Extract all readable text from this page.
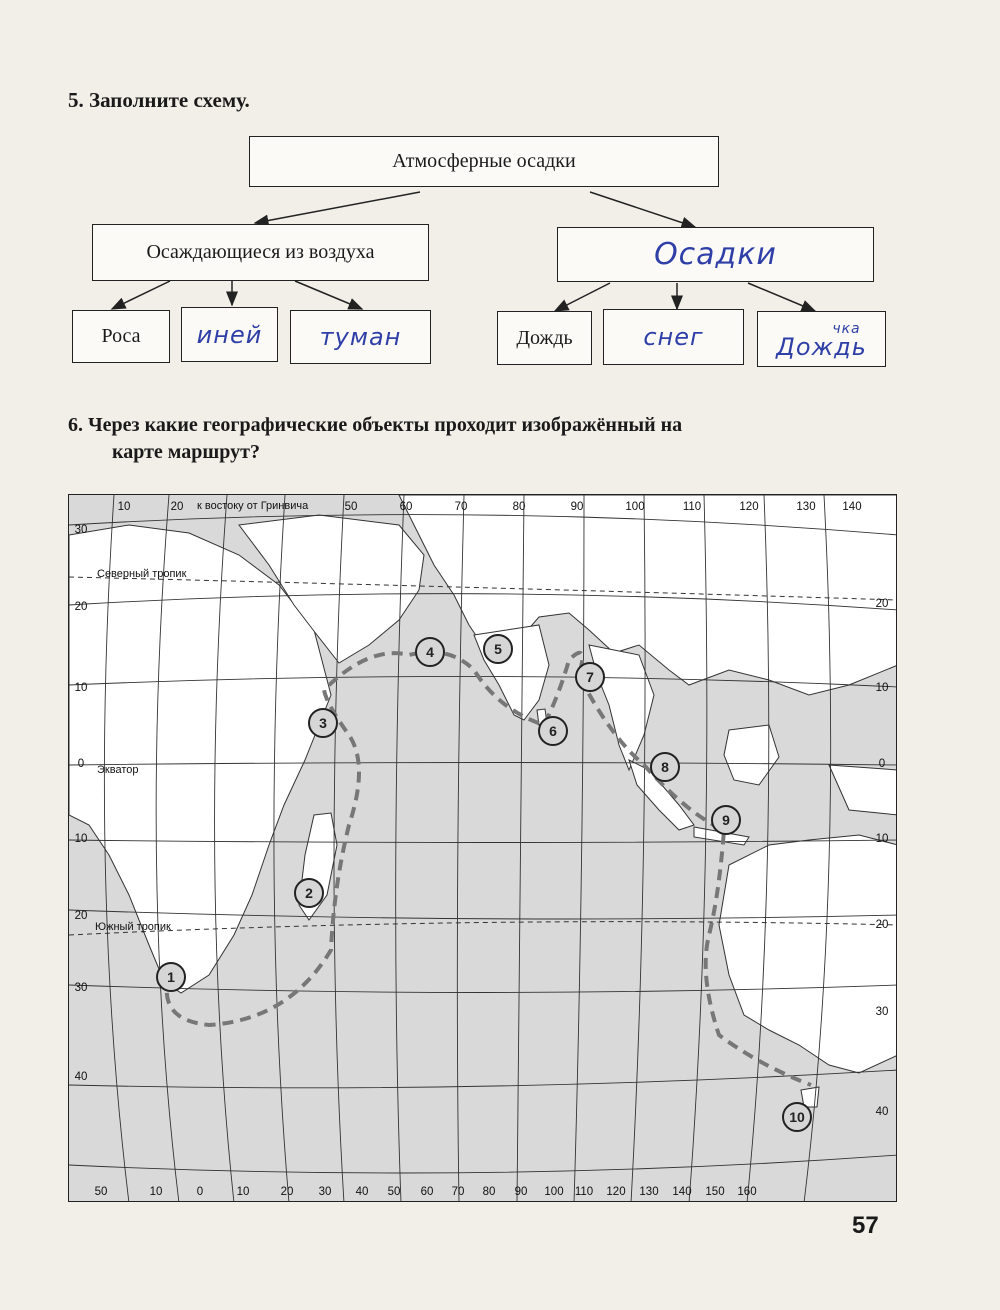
5. Заполните схему.
Атмосферные осадки
Осаждающиеся из воздуха	Осадки
Роса иней туман	Дождь	снег	чка
Дождь
6. Через какие географические объекты проходит изображённый на
карте маршрут?
к востоку от Гринвича
Северный тропик
Экватор
Южный тропик
10	20	50	60	70	80	90	100	110	120	130 140
50	10	0	10	20 30 40 50 60 70 80 90 100 110 120 130 140 150 160
30
20
10
0
10
20
30
40
20
10
0
10
20
30
40
1
2
3
4	5
6
7
8
9
10
57
